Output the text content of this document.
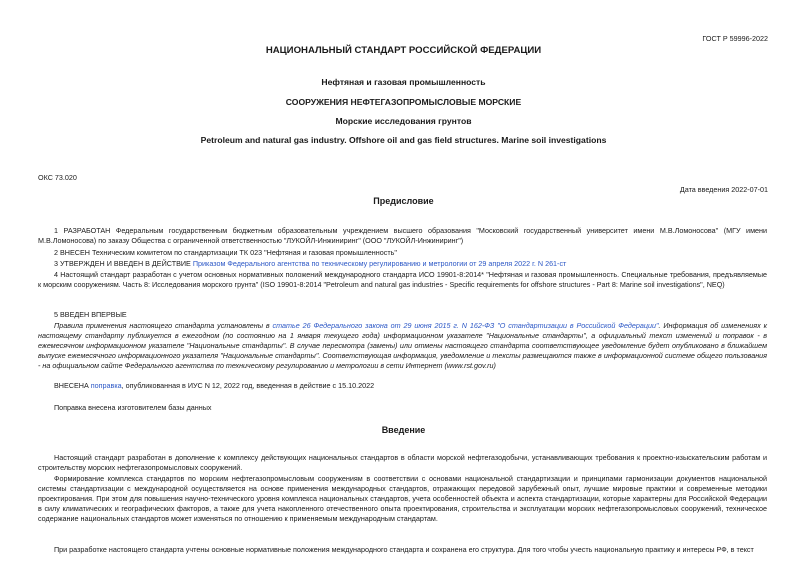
ГОСТ Р 59996-2022
НАЦИОНАЛЬНЫЙ СТАНДАРТ РОССИЙСКОЙ ФЕДЕРАЦИИ
Нефтяная и газовая промышленность
СООРУЖЕНИЯ НЕФТЕГАЗОПРОМЫСЛОВЫЕ МОРСКИЕ
Морские исследования грунтов
Petroleum and natural gas industry. Offshore oil and gas field structures. Marine soil investigations
ОКС 73.020
Дата введения 2022-07-01
Предисловие
1 РАЗРАБОТАН Федеральным государственным бюджетным образовательным учреждением высшего образования "Московский государственный университет имени М.В.Ломоносова" (МГУ имени М.В.Ломоносова) по заказу Общества с ограниченной ответственностью "ЛУКОЙЛ-Инжиниринг" (ООО "ЛУКОЙЛ-Инжиниринг")
2 ВНЕСЕН Техническим комитетом по стандартизации ТК 023 "Нефтяная и газовая промышленность"
3 УТВЕРЖДЕН И ВВЕДЕН В ДЕЙСТВИЕ Приказом Федерального агентства по техническому регулированию и метрологии от 29 апреля 2022 г. N 261-ст
4 Настоящий стандарт разработан с учетом основных нормативных положений международного стандарта ИСО 19901-8:2014* "Нефтяная и газовая промышленность. Специальные требования, предъявляемые к морским сооружениям. Часть 8: Исследования морского грунта" (ISO 19901-8:2014 "Petroleum and natural gas industries - Specific requirements for offshore structures - Part 8: Marine soil investigations", NEQ)
5 ВВЕДЕН ВПЕРВЫЕ
Правила применения настоящего стандарта установлены в статье 26 Федерального закона от 29 июня 2015 г. N 162-ФЗ "О стандартизации в Российской Федерации". Информация об изменениях к настоящему стандарту публикуется в ежегодном (по состоянию на 1 января текущего года) информационном указателе "Национальные стандарты", а официальный текст изменений и поправок - в ежемесячном информационном указателе "Национальные стандарты". В случае пересмотра (замены) или отмены настоящего стандарта соответствующее уведомление будет опубликовано в ближайшем выпуске ежемесячного информационного указателя "Национальные стандарты". Соответствующая информация, уведомление и тексты размещаются также в информационной системе общего пользования - на официальном сайте Федерального агентства по техническому регулированию и метрологии в сети Интернет (www.rst.gov.ru)
ВНЕСЕНА поправка, опубликованная в ИУС N 12, 2022 год, введенная в действие с 15.10.2022
Поправка внесена изготовителем базы данных
Введение
Настоящий стандарт разработан в дополнение к комплексу действующих национальных стандартов в области морской нефтегазодобычи, устанавливающих требования к проектно-изыскательским работам и строительству морских нефтегазопромысловых сооружений.
Формирование комплекса стандартов по морским нефтегазопромысловым сооружениям в соответствии с основами национальной стандартизации и принципами гармонизации документов национальной системы стандартизации с международной осуществляется на основе применения международных стандартов, отражающих передовой зарубежный опыт, лучшие мировые практики и современные методики проектирования. При этом для повышения научно-технического уровня комплекса национальных стандартов, учета особенностей объекта и аспекта стандартизации, которые характерны для Российской Федерации в силу климатических и географических факторов, а также для учета накопленного отечественного опыта проектирования, строительства и эксплуатации морских нефтегазопромысловых сооружений, техническое содержание национальных стандартов может изменяться по отношению к применяемым международным стандартам.
При разработке настоящего стандарта учтены основные нормативные положения международного стандарта и сохранена его структура. Для того чтобы учесть национальную практику и интересы РФ, в текст
